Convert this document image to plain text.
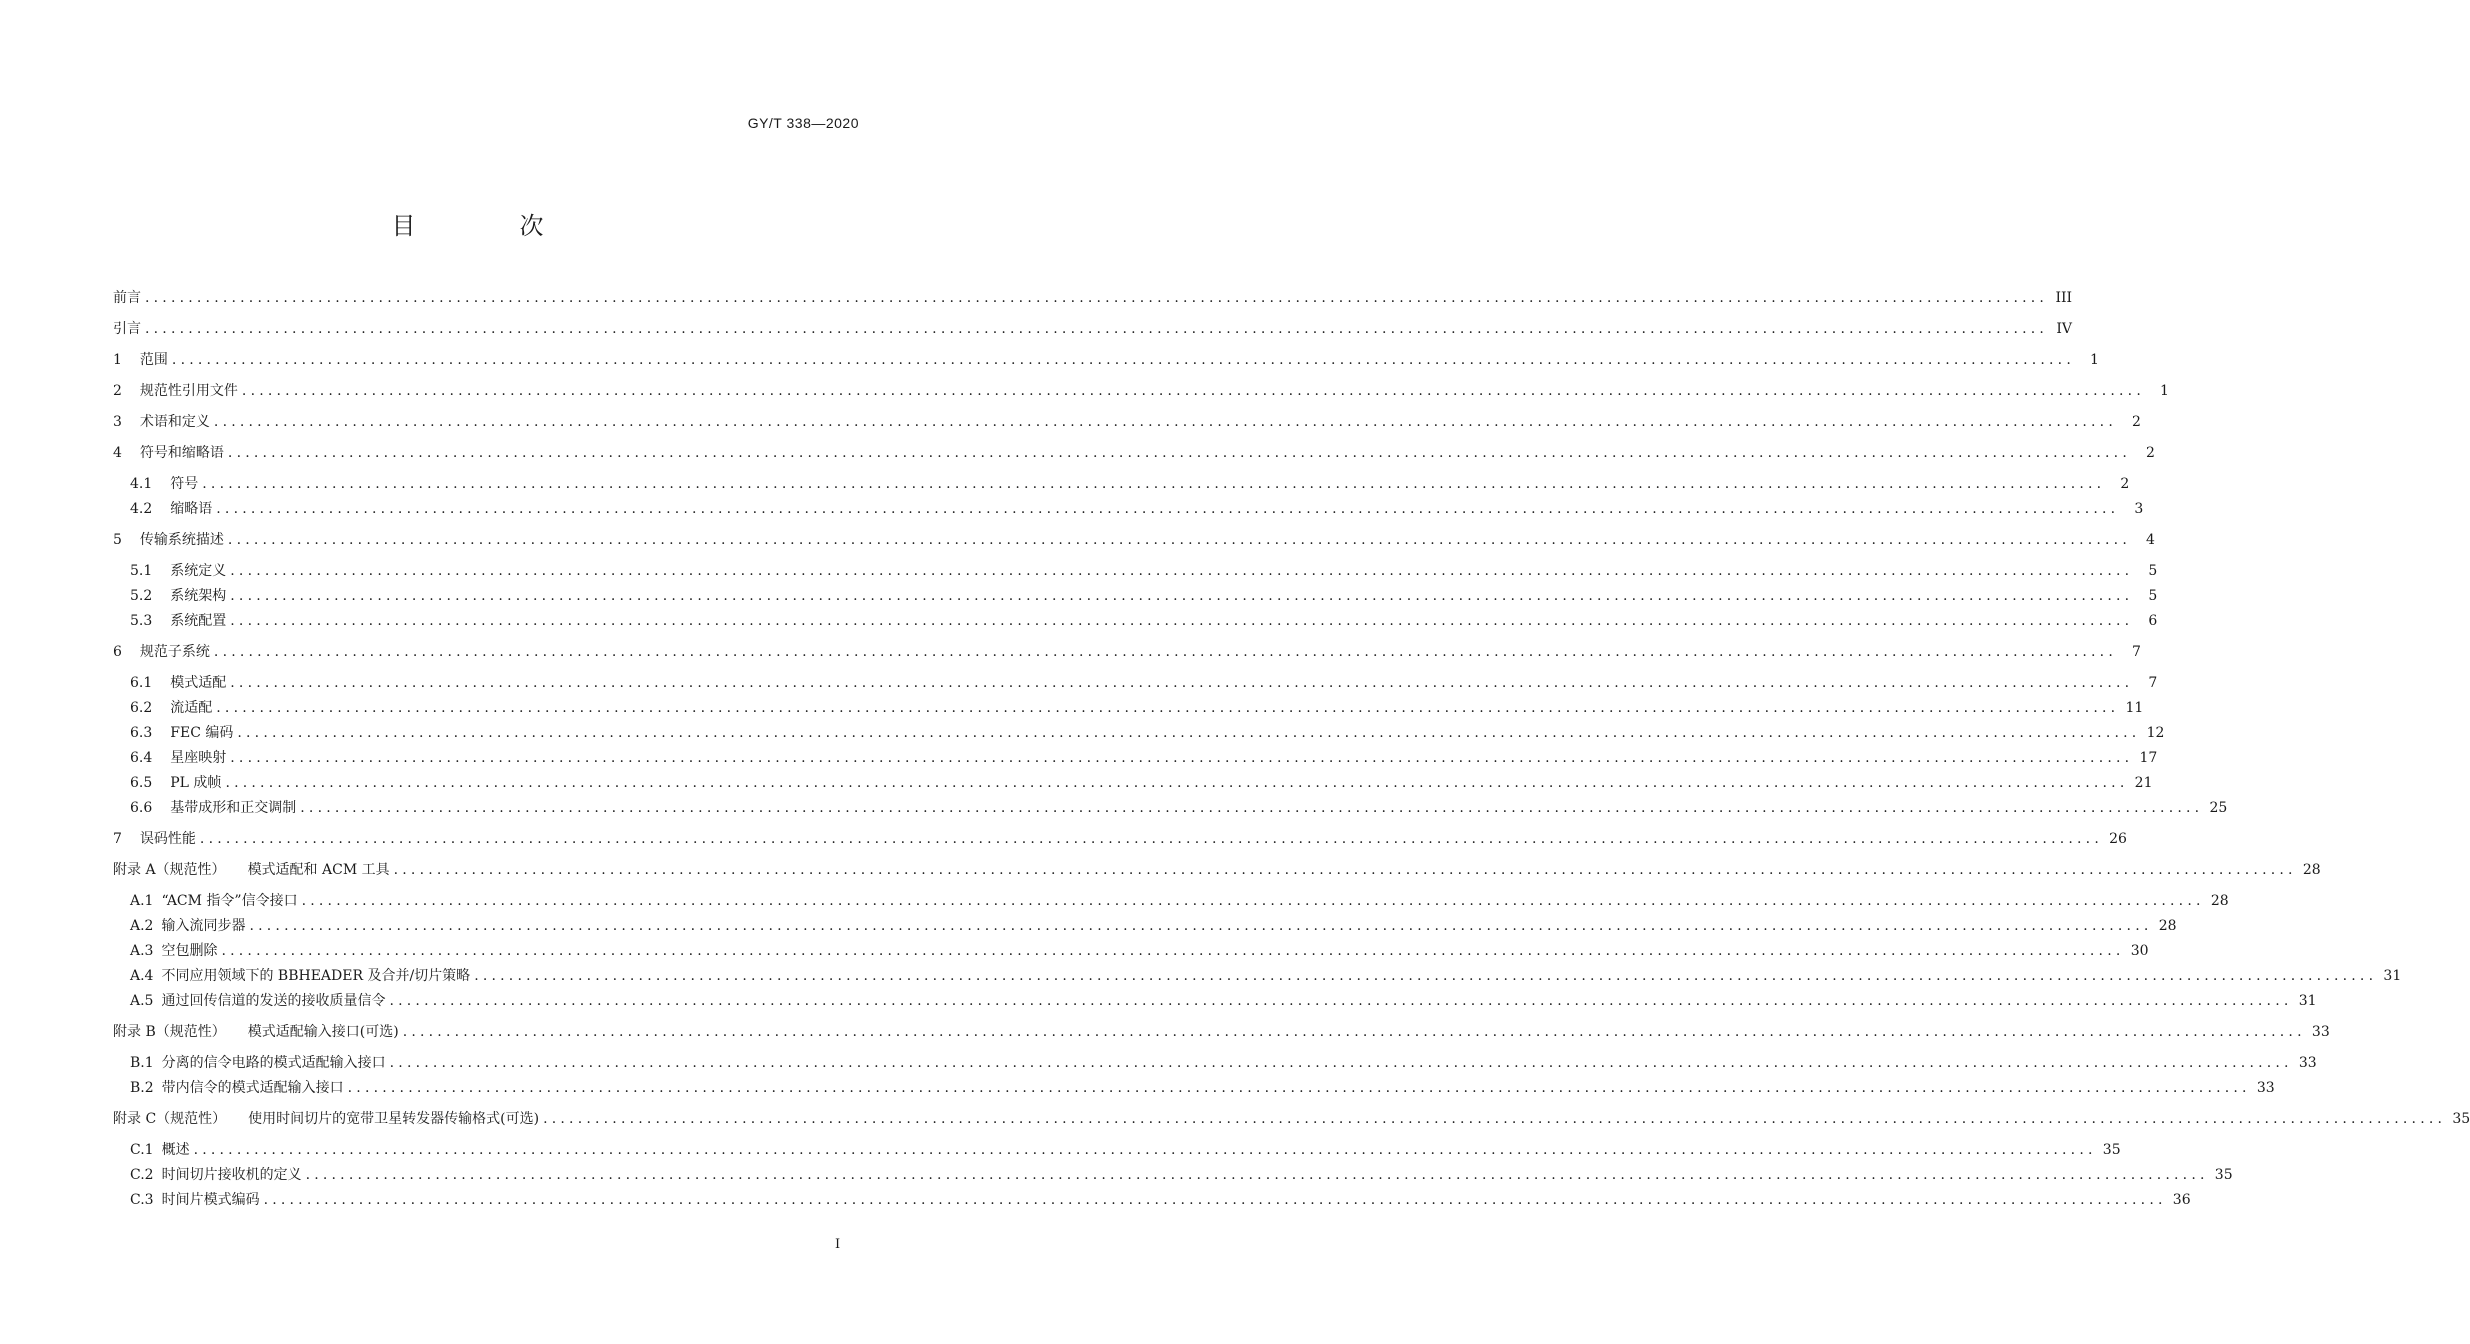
GY/T 338—2020
目　次
前言 ............................................................................................................................................................................................................................ III
引言 ............................................................................................................................................................................................................................ IV
1 范围 ............................................................................................................................................................................................................................	1
2 规范性引用文件 ............................................................................................................................................................................................................................	1
3 术语和定义 ............................................................................................................................................................................................................................	2
4 符号和缩略语 ............................................................................................................................................................................................................................	2
4.1 符号 ............................................................................................................................................................................................................................	2
4.2 缩略语 ............................................................................................................................................................................................................................	3
5 传输系统描述 ............................................................................................................................................................................................................................	4
5.1 系统定义 ............................................................................................................................................................................................................................	5
5.2 系统架构 ............................................................................................................................................................................................................................	5
5.3 系统配置 ............................................................................................................................................................................................................................	6
6 规范子系统 ............................................................................................................................................................................................................................	7
6.1 模式适配 ............................................................................................................................................................................................................................	7
6.2 流适配 ............................................................................................................................................................................................................................ 11
6.3 FEC 编码 ............................................................................................................................................................................................................................ 12
6.4 星座映射 ............................................................................................................................................................................................................................ 17
6.5 PL 成帧 ............................................................................................................................................................................................................................ 21
6.6 基带成形和正交调制 ............................................................................................................................................................................................................................ 25
7 误码性能 ............................................................................................................................................................................................................................ 26
附录 A（规范性） 模式适配和 ACM 工具 ............................................................................................................................................................................................................................ 28
A.1 “ACM 指令”信令接口 ............................................................................................................................................................................................................................ 28
A.2 输入流同步器 ............................................................................................................................................................................................................................ 28
A.3 空包删除 ............................................................................................................................................................................................................................ 30
A.4 不同应用领域下的 BBHEADER 及合并/切片策略 ............................................................................................................................................................................................................................ 31
A.5 通过回传信道的发送的接收质量信令 ............................................................................................................................................................................................................................ 31
附录 B（规范性） 模式适配输入接口(可选) ............................................................................................................................................................................................................................ 33
B.1 分离的信令电路的模式适配输入接口 ............................................................................................................................................................................................................................ 33
B.2 带内信令的模式适配输入接口 ............................................................................................................................................................................................................................ 33
附录 C（规范性） 使用时间切片的宽带卫星转发器传输格式(可选) ............................................................................................................................................................................................................................ 35
C.1 概述 ............................................................................................................................................................................................................................ 35
C.2 时间切片接收机的定义 ............................................................................................................................................................................................................................ 35
C.3 时间片模式编码 ............................................................................................................................................................................................................................ 36
I
